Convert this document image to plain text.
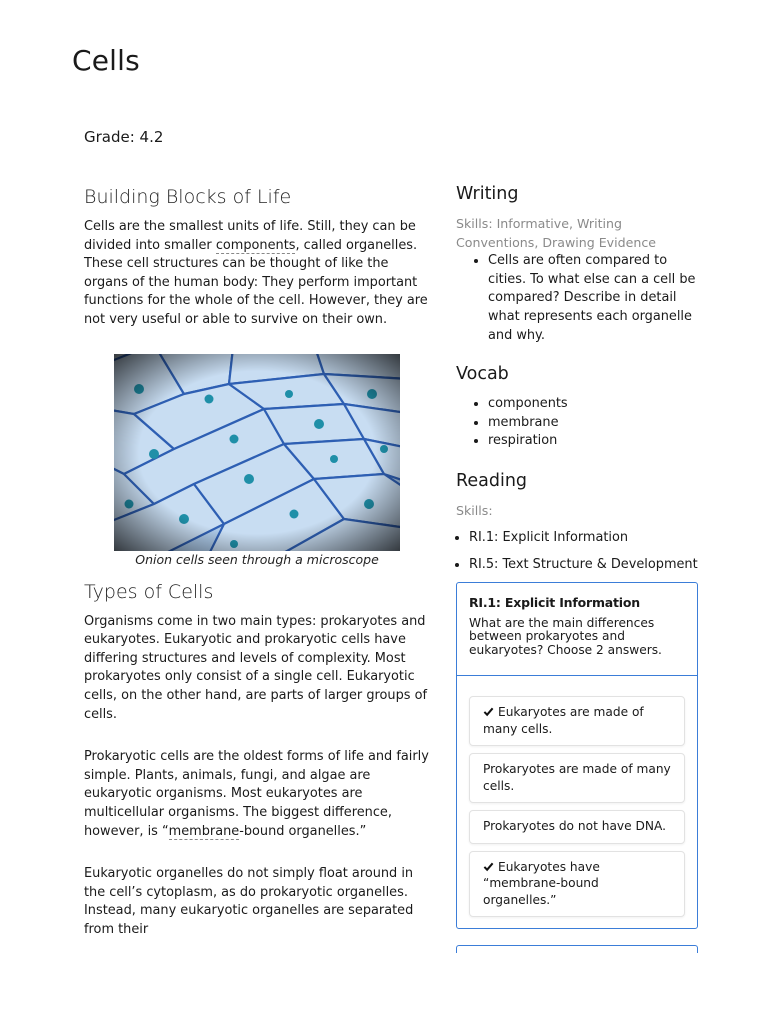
Cells
Grade: 4.2
Building Blocks of Life

Cells are the smallest units of life. Still, they can be divided into smaller components, called organelles. These cell structures can be thought of like the organs of the human body: They perform important functions for the whole of the cell. However, they are not very useful or able to survive on their own.

Onion cells seen through a microscope
Types of Cells

Organisms come in two main types: prokaryotes and eukaryotes. Eukaryotic and prokaryotic cells have differing structures and levels of complexity. Most prokaryotes only consist of a single cell. Eukaryotic cells, on the other hand, are parts of larger groups of cells.

Prokaryotic cells are the oldest forms of life and fairly simple. Plants, animals, fungi, and algae are eukaryotic organisms. Most eukaryotes are multicellular organisms. The biggest difference, however, is “membrane-bound organelles.”

Eukaryotic organelles do not simply float around in the cell’s cytoplasm, as do prokaryotic organelles. Instead, many eukaryotic organelles are separated from their

Writing
Skills: Informative, Writing Conventions, Drawing Evidence
• Cells are often compared to cities. To what else can a cell be compared? Describe in detail what represents each organelle and why.
Vocab
• components
• membrane
• respiration
Reading
Skills:
• RI.1: Explicit Information
• RI.5: Text Structure & Development
RI.1: Explicit Information
What are the main differences between prokaryotes and eukaryotes? Choose 2 answers.
Eukaryotes are made of many cells.
Prokaryotes are made of many cells.
Prokaryotes do not have DNA.
Eukaryotes have “membrane-bound organelles.”
